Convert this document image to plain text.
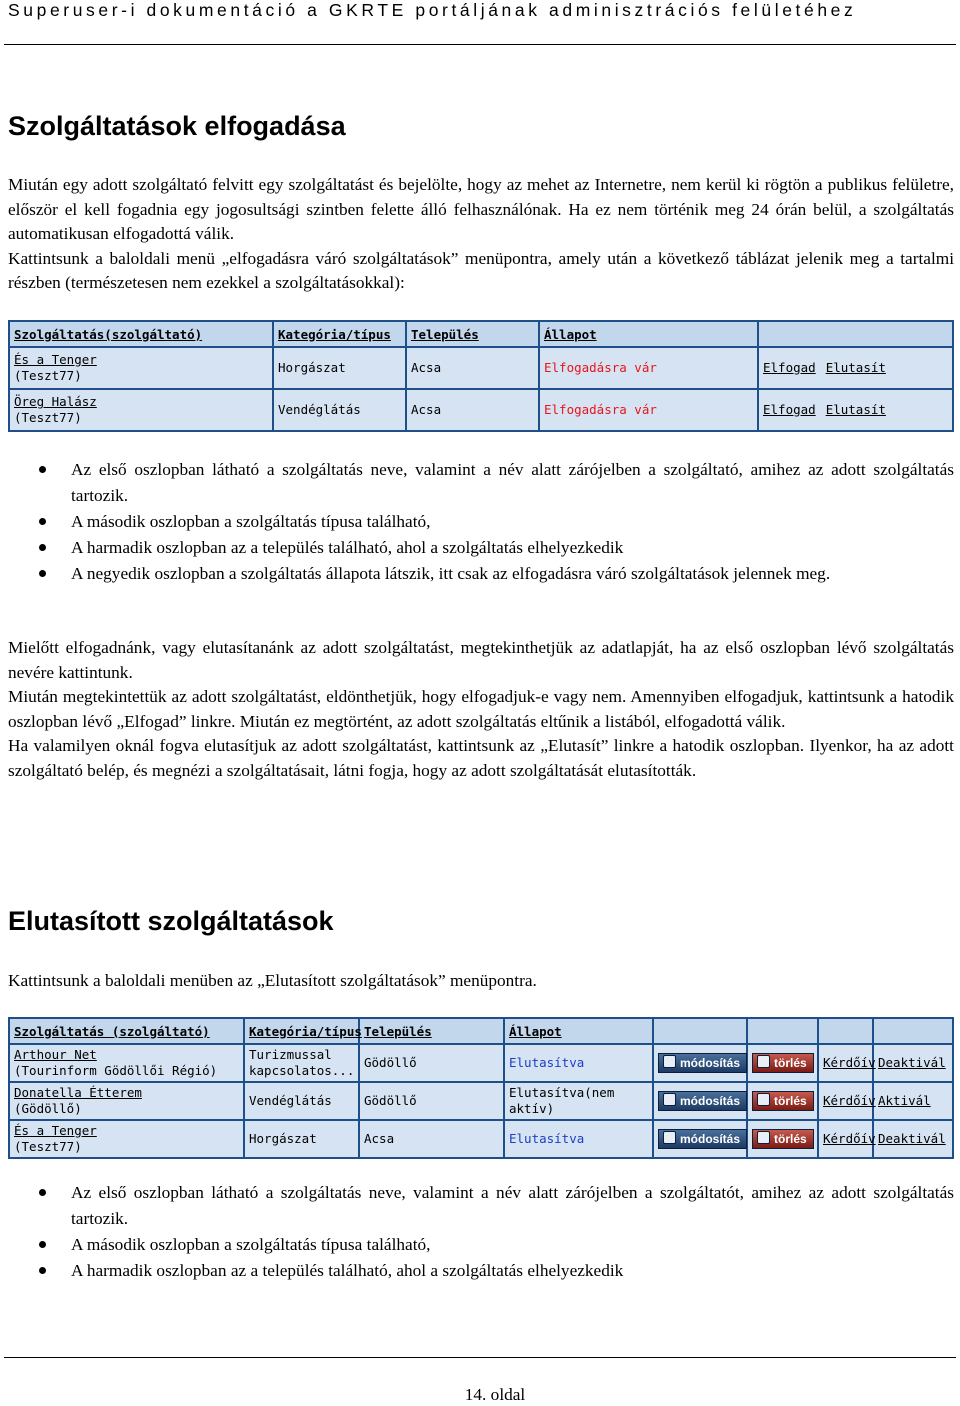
Superuser-i dokumentáció a GKRTE portáljának adminisztrációs felületéhez
Szolgáltatások elfogadása
Miután egy adott szolgáltató felvitt egy szolgáltatást és bejelölte, hogy az mehet az Internetre, nem kerül ki rögtön a publikus felületre, először el kell fogadnia egy jogosultsági szintben felette álló felhasználónak. Ha ez nem történik meg 24 órán belül, a szolgáltatás automatikusan elfogadottá válik.
Kattintsunk a baloldali menü „elfogadásra váró szolgáltatások” menüpontra, amely után a következő táblázat jelenik meg a tartalmi részben (természetesen nem ezekkel a szolgáltatásokkal):
Szolgáltatás(szolgáltató)	Kategória/típus	Település	Állapot	

És a Tenger
(Teszt77)	Horgászat	Acsa	Elfogadásra vár	Elfogad Elutasít

Öreg Halász
(Teszt77)	Vendéglátás	Acsa	Elfogadásra vár	Elfogad Elutasít
Az első oszlopban látható a szolgáltatás neve, valamint a név alatt zárójelben a szolgáltató, amihez az adott szolgáltatás tartozik.
A második oszlopban a szolgáltatás típusa található,
A harmadik oszlopban az a település található, ahol a szolgáltatás elhelyezkedik
A negyedik oszlopban a szolgáltatás állapota látszik, itt csak az elfogadásra váró szolgáltatások jelennek meg.
Mielőtt elfogadnánk, vagy elutasítanánk az adott szolgáltatást, megtekinthetjük az adatlapját, ha az első oszlopban lévő szolgáltatás nevére kattintunk.
Miután megtekintettük az adott szolgáltatást, eldönthetjük, hogy elfogadjuk-e vagy nem. Amennyiben elfogadjuk, kattintsunk a hatodik oszlopban lévő „Elfogad” linkre. Miután ez megtörtént, az adott szolgáltatás eltűnik a listából, elfogadottá válik.
Ha valamilyen oknál fogva elutasítjuk az adott szolgáltatást, kattintsunk az „Elutasít” linkre a hatodik oszlopban. Ilyenkor, ha az adott szolgáltató belép, és megnézi a szolgáltatásait, látni fogja, hogy az adott szolgáltatását elutasították.
Elutasított szolgáltatások
Kattintsunk a baloldali menüben az „Elutasított szolgáltatások” menüpontra.
Szolgáltatás (szolgáltató)	Kategória/típus	Település	Állapot				

Arthour Net
(Tourinform Gödöllői Régió)	Turizmussal
kapcsolatos...	Gödöllő	Elutasítva	módosítás	törlés	Kérdőív	Deaktivál

Donatella Étterem
(Gödöllő)	Vendéglátás	Gödöllő	Elutasítva(nem aktív)	módosítás	törlés	Kérdőív	Aktivál

És a Tenger
(Teszt77)	Horgászat	Acsa	Elutasítva	módosítás	törlés	Kérdőív	Deaktivál
Az első oszlopban látható a szolgáltatás neve, valamint a név alatt zárójelben a szolgáltatót, amihez az adott szolgáltatás tartozik.
A második oszlopban a szolgáltatás típusa található,
A harmadik oszlopban az a település található, ahol a szolgáltatás elhelyezkedik
14. oldal
